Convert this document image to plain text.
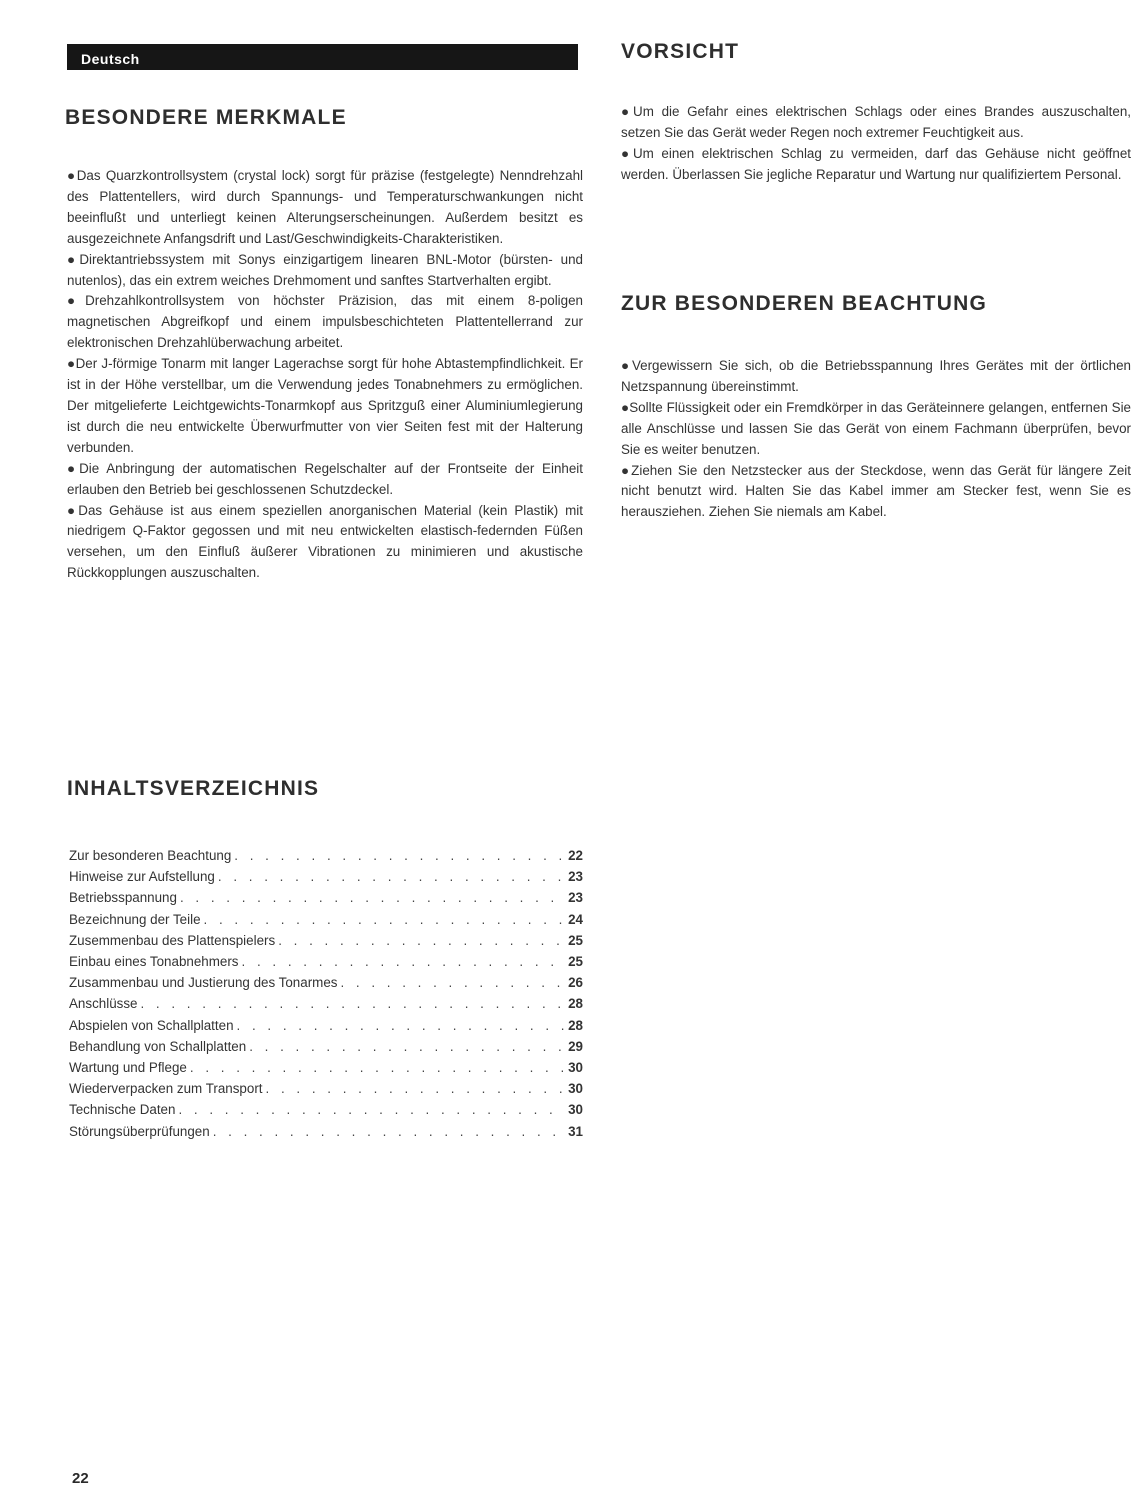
Deutsch
BESONDERE MERKMALE

●Das Quarzkontrollsystem (crystal lock) sorgt für präzise (festgelegte) Nenndrehzahl des Plattentellers, wird durch Spannungs- und Temperaturschwankungen nicht beeinflußt und unterliegt keinen Alterungserscheinungen. Außerdem besitzt es ausgezeichnete Anfangsdrift und Last/Geschwindigkeits-Charakteristiken.

●Direktantriebssystem mit Sonys einzigartigem linearen BNL-Motor (bürsten- und nutenlos), das ein extrem weiches Drehmoment und sanftes Startverhalten ergibt.

●Drehzahlkontrollsystem von höchster Präzision, das mit einem 8-poligen magnetischen Abgreifkopf und einem impulsbeschichteten Plattentellerrand zur elektronischen Drehzahlüberwachung arbeitet.

●Der J-förmige Tonarm mit langer Lagerachse sorgt für hohe Abtastempfindlichkeit. Er ist in der Höhe verstellbar, um die Verwendung jedes Tonabnehmers zu ermöglichen. Der mitgelieferte Leichtgewichts-Tonarmkopf aus Spritzguß einer Aluminiumlegierung ist durch die neu entwickelte Überwurfmutter von vier Seiten fest mit der Halterung verbunden.

●Die Anbringung der automatischen Regelschalter auf der Frontseite der Einheit erlauben den Betrieb bei geschlossenen Schutzdeckel.

●Das Gehäuse ist aus einem speziellen anorganischen Material (kein Plastik) mit niedrigem Q-Faktor gegossen und mit neu entwickelten elastisch-federnden Füßen versehen, um den Einfluß äußerer Vibrationen zu minimieren und akustische Rückkopplungen auszuschalten.

INHALTSVERZEICHNIS
Zur besonderen Beachtung . . .	22
Hinweise zur Aufstellung . . .	23
Betriebsspannung . . .	23
Bezeichnung der Teile . . .	24
Zusemmenbau des Plattenspielers . . .	25
Einbau eines Tonabnehmers . . .	25
Zusammenbau und Justierung des Tonarmes . . .	26
Anschlüsse . . .	28
Abspielen von Schallplatten . . .	28
Behandlung von Schallplatten . . .	29
Wartung und Pflege . . .	30
Wiederverpacken zum Transport . . .	30
Technische Daten . . .	30
Störungsüberprüfungen . . .	31
VORSICHT

●Um die Gefahr eines elektrischen Schlags oder eines Brandes auszuschalten, setzen Sie das Gerät weder Regen noch extremer Feuchtigkeit aus.

●Um einen elektrischen Schlag zu vermeiden, darf das Gehäuse nicht geöffnet werden. Überlassen Sie jegliche Reparatur und Wartung nur qualifiziertem Personal.

ZUR BESONDEREN BEACHTUNG

●Vergewissern Sie sich, ob die Betriebsspannung Ihres Gerätes mit der örtlichen Netzspannung übereinstimmt.

●Sollte Flüssigkeit oder ein Fremdkörper in das Geräteinnere gelangen, entfernen Sie alle Anschlüsse und lassen Sie das Gerät von einem Fachmann überprüfen, bevor Sie es weiter benutzen.

●Ziehen Sie den Netzstecker aus der Steckdose, wenn das Gerät für längere Zeit nicht benutzt wird. Halten Sie das Kabel immer am Stecker fest, wenn Sie es herausziehen. Ziehen Sie niemals am Kabel.

22
